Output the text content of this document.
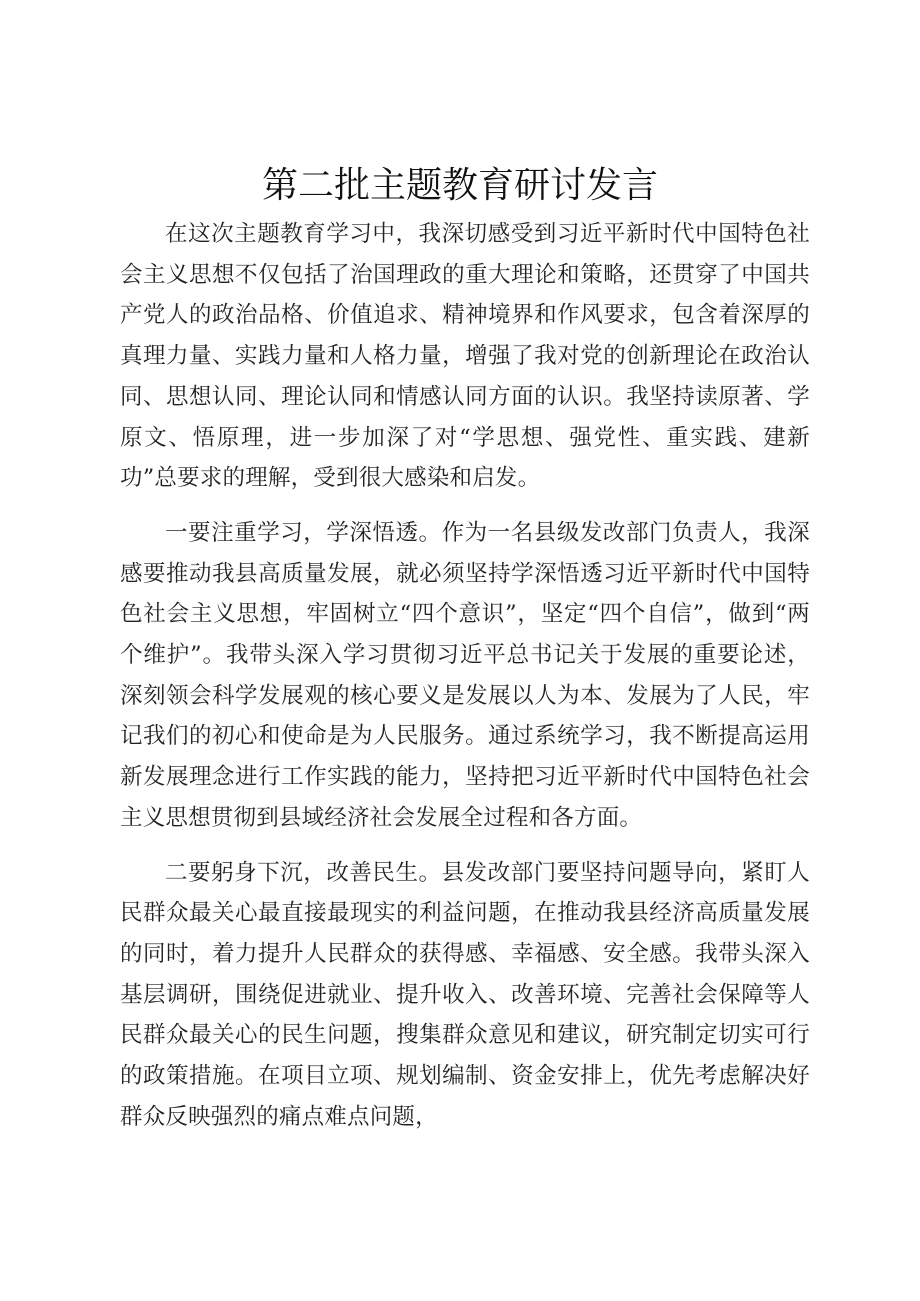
第二批主题教育研讨发言

在这次主题教育学习中，我深切感受到习近平新时代中国特色社会主义思想不仅包括了治国理政的重大理论和策略，还贯穿了中国共产党人的政治品格、价值追求、精神境界和作风要求，包含着深厚的真理力量、实践力量和人格力量，增强了我对党的创新理论在政治认同、思想认同、理论认同和情感认同方面的认识。我坚持读原著、学原文、悟原理，进一步加深了对“学思想、强党性、重实践、建新功”总要求的理解，受到很大感染和启发。

一要注重学习，学深悟透。作为一名县级发改部门负责人，我深感要推动我县高质量发展，就必须坚持学深悟透习近平新时代中国特色社会主义思想，牢固树立“四个意识”，坚定“四个自信”，做到“两个维护”。我带头深入学习贯彻习近平总书记关于发展的重要论述，深刻领会科学发展观的核心要义是发展以人为本、发展为了人民，牢记我们的初心和使命是为人民服务。通过系统学习，我不断提高运用新发展理念进行工作实践的能力，坚持把习近平新时代中国特色社会主义思想贯彻到县域经济社会发展全过程和各方面。

二要躬身下沉，改善民生。县发改部门要坚持问题导向，紧盯人民群众最关心最直接最现实的利益问题，在推动我县经济高质量发展的同时，着力提升人民群众的获得感、幸福感、安全感。我带头深入基层调研，围绕促进就业、提升收入、改善环境、完善社会保障等人民群众最关心的民生问题，搜集群众意见和建议，研究制定切实可行的政策措施。在项目立项、规划编制、资金安排上，优先考虑解决好群众反映强烈的痛点难点问题，
